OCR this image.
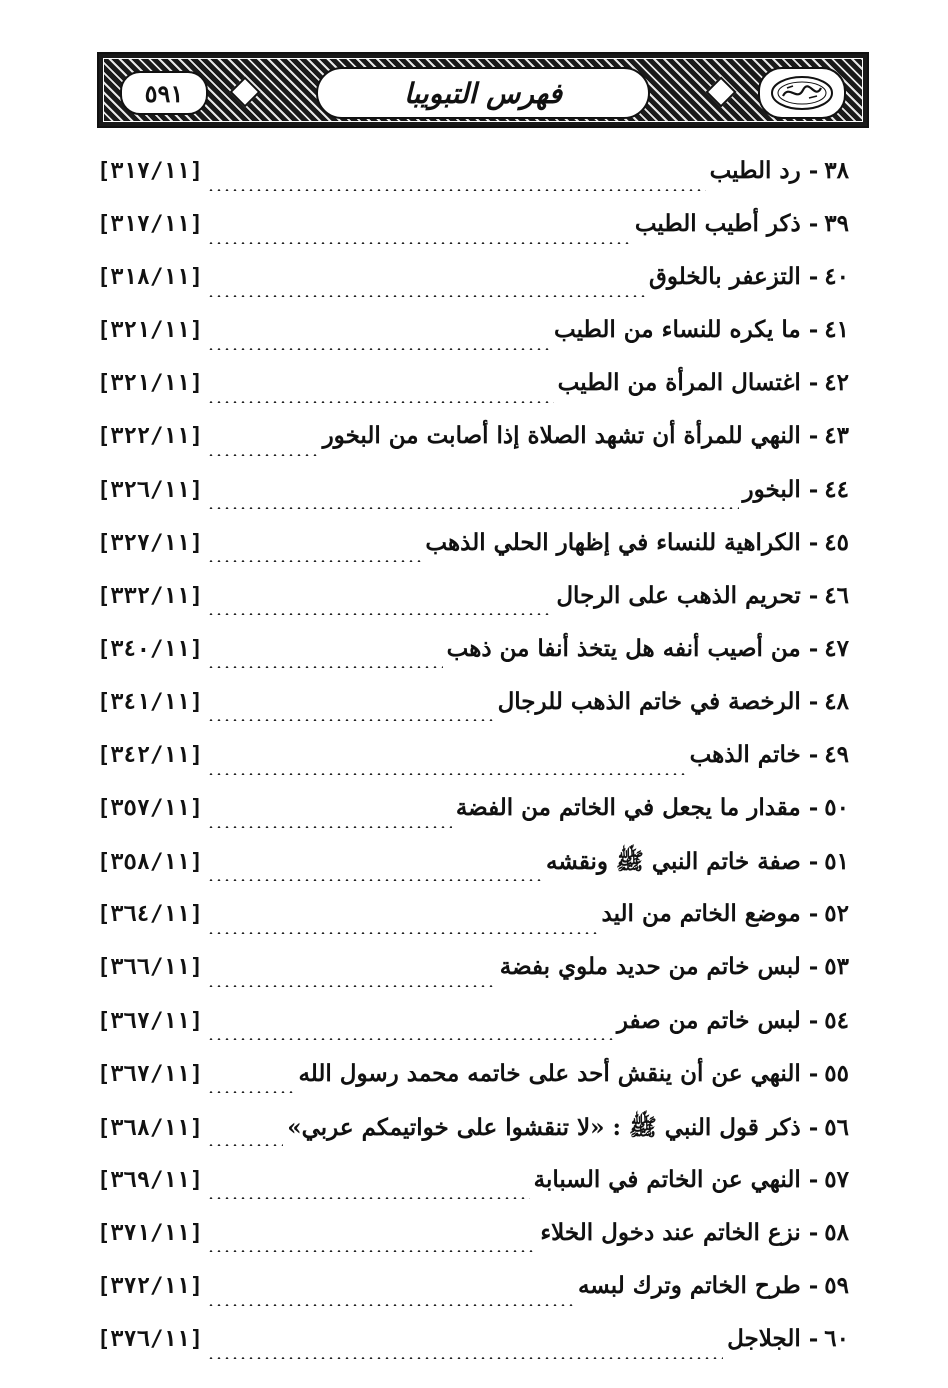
٥٩١	فهرس التبويبا
٣٨
-
رد الطيب
[٣١٧/١١]
٣٩
-
ذكر أطيب الطيب
[٣١٧/١١]
٤٠
-
التزعفر بالخلوق
[٣١٨/١١]
٤١
-
ما يكره للنساء من الطيب
[٣٢١/١١]
٤٢
-
اغتسال المرأة من الطيب
[٣٢١/١١]
٤٣
-
النهي للمرأة أن تشهد الصلاة إذا أصابت من البخور
[٣٢٢/١١]
٤٤
-
البخور
[٣٢٦/١١]
٤٥
-
الكراهية للنساء في إظهار الحلي الذهب
[٣٢٧/١١]
٤٦
-
تحريم الذهب على الرجال
[٣٣٢/١١]
٤٧
-
من أصيب أنفه هل يتخذ أنفا من ذهب
[٣٤٠/١١]
٤٨
-
الرخصة في خاتم الذهب للرجال
[٣٤١/١١]
٤٩
-
خاتم الذهب
[٣٤٢/١١]
٥٠
-
مقدار ما يجعل في الخاتم من الفضة
[٣٥٧/١١]
٥١
-
صفة خاتم النبي ﷺ ونقشه
[٣٥٨/١١]
٥٢
-
موضع الخاتم من اليد
[٣٦٤/١١]
٥٣
-
لبس خاتم من حديد ملوي بفضة
[٣٦٦/١١]
٥٤
-
لبس خاتم من صفر
[٣٦٧/١١]
٥٥
-
النهي عن أن ينقش أحد على خاتمه محمد رسول الله
[٣٦٧/١١]
٥٦
-
ذكر قول النبي ﷺ : «لا تنقشوا على خواتيمكم عربي»
[٣٦٨/١١]
٥٧
-
النهي عن الخاتم في السبابة
[٣٦٩/١١]
٥٨
-
نزع الخاتم عند دخول الخلاء
[٣٧١/١١]
٥٩
-
طرح الخاتم وترك لبسه
[٣٧٢/١١]
٦٠
-
الجلاجل
[٣٧٦/١١]
